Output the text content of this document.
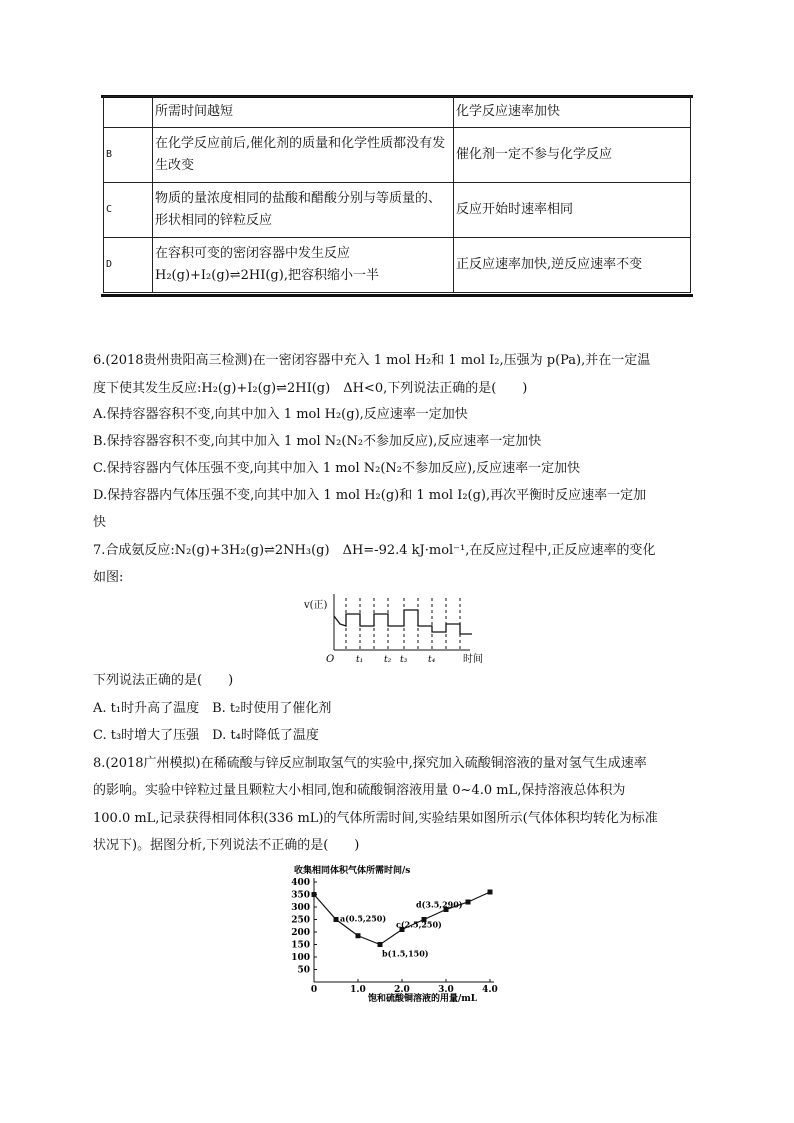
	所需时间越短	化学反应速率加快
B	在化学反应前后,催化剂的质量和化学性质都没有发生改变	催化剂一定不参与化学反应
C	物质的量浓度相同的盐酸和醋酸分别与等质量的、形状相同的锌粒反应	反应开始时速率相同
D	在容积可变的密闭容器中发生反应 H₂(g)+I₂(g)⇌2HI(g),把容积缩小一半	正反应速率加快,逆反应速率不变
6.(2018贵州贵阳高三检测)在一密闭容器中充入 1 mol H₂和 1 mol I₂,压强为 p(Pa),并在一定温
度下使其发生反应:H₂(g)+I₂(g)⇌2HI(g)　ΔH<0,下列说法正确的是(　　)
A.保持容器容积不变,向其中加入 1 mol H₂(g),反应速率一定加快
B.保持容器容积不变,向其中加入 1 mol N₂(N₂不参加反应),反应速率一定加快
C.保持容器内气体压强不变,向其中加入 1 mol N₂(N₂不参加反应),反应速率一定加快
D.保持容器内气体压强不变,向其中加入 1 mol H₂(g)和 1 mol I₂(g),再次平衡时反应速率一定加
快
7.合成氨反应:N₂(g)+3H₂(g)⇌2NH₃(g)　ΔH=-92.4 kJ·mol⁻¹,在反应过程中,正反应速率的变化
如图:
v(正)
O t₁ t₂ t₃ t₄	时间
下列说法正确的是(　　)
A. t₁时升高了温度　B. t₂时使用了催化剂
C. t₃时增大了压强　D. t₄时降低了温度
8.(2018广州模拟)在稀硫酸与锌反应制取氢气的实验中,探究加入硫酸铜溶液的量对氢气生成速率
的影响。实验中锌粒过量且颗粒大小相同,饱和硫酸铜溶液用量 0~4.0 mL,保持溶液总体积为
100.0 mL,记录获得相同体积(336 mL)的气体所需时间,实验结果如图所示(气体体积均转化为标准
状况下)。据图分析,下列说法不正确的是(　　)
收集相同体积气体所需时间/s
饱和硫酸铜溶液的用量/mL
50
100
150
200
250
300
350
400
0	1.0	2.0	3.0	4.0
a(0.5,250)
b(1.5,150)
c(2.5,250)
d(3.5,290)
